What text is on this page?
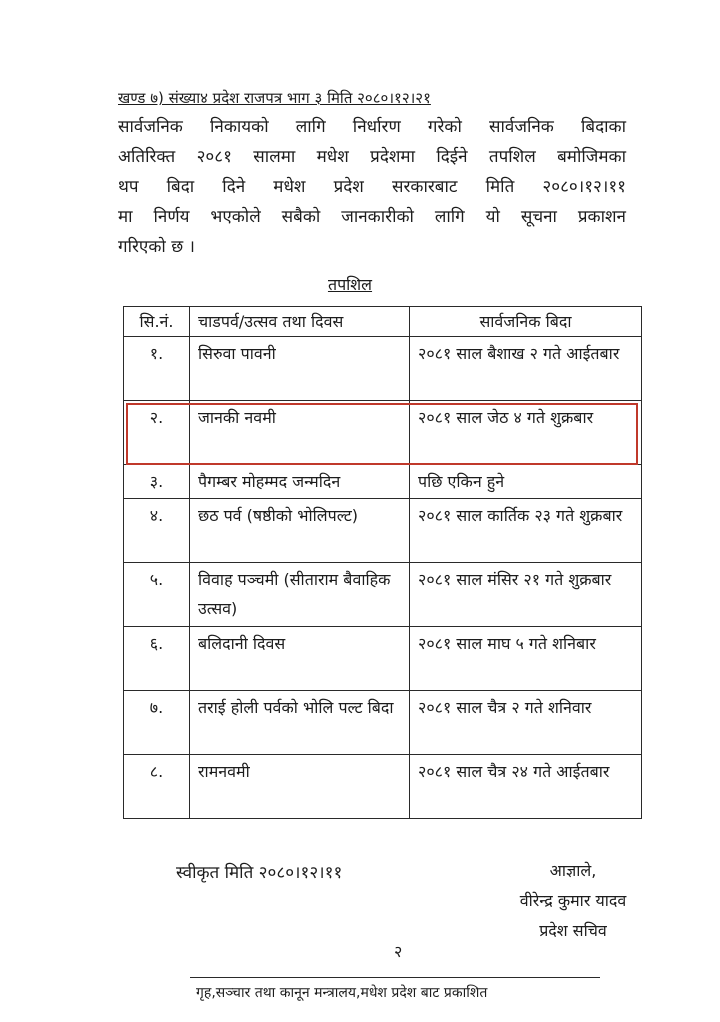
खण्ड ७) संख्या४ प्रदेश राजपत्र भाग ३ मिति २०८०।१२।२१
सार्वजनिक निकायको लागि निर्धारण गरेको सार्वजनिक बिदाका
अतिरिक्त २०८१ सालमा मधेश प्रदेशमा दिईने तपशिल बमोजिमका
थप बिदा दिने मधेश प्रदेश सरकारबाट मिति २०८०।१२।११
मा निर्णय भएकोले सबैको जानकारीको लागि यो सूचना प्रकाशन
गरिएको छ ।
तपशिल
सि.नं.	चाडपर्व/उत्सव तथा दिवस	सार्वजनिक बिदा
१.	सिरुवा पावनी	२०८१ साल बैशाख २ गते आईतबार
२.	जानकी नवमी	२०८१ साल जेठ ४ गते शुक्रबार
३.	पैगम्बर मोहम्मद जन्मदिन	पछि एकिन हुने
४.	छठ पर्व (षष्ठीको भोलिपल्ट)	२०८१ साल कार्तिक २३ गते शुक्रबार
५.	विवाह पञ्चमी (सीताराम बैवाहिक उत्सव)	२०८१ साल मंसिर २१ गते शुक्रबार
६.	बलिदानी दिवस	२०८१ साल माघ ५ गते शनिबार
७.	तराई होली पर्वको भोलि पल्ट बिदा	२०८१ साल चैत्र २ गते शनिवार
८.	रामनवमी	२०८१ साल चैत्र २४ गते आईतबार
स्वीकृत मिति २०८०।१२।११	आज्ञाले,
वीरेन्द्र कुमार यादव
प्रदेश सचिव
२
गृह,सञ्चार तथा कानून मन्त्रालय,मधेश प्रदेश बाट प्रकाशित
